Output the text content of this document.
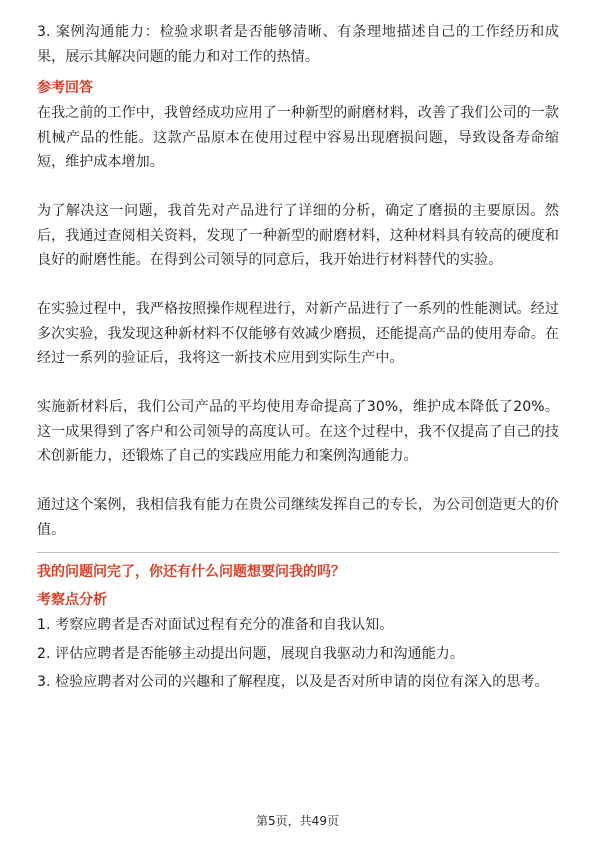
3. 案例沟通能力：检验求职者是否能够清晰、有条理地描述自己的工作经历和成果，展示其解决问题的能力和对工作的热情。

参考回答

在我之前的工作中，我曾经成功应用了一种新型的耐磨材料，改善了我们公司的一款机械产品的性能。这款产品原本在使用过程中容易出现磨损问题，导致设备寿命缩短，维护成本增加。

为了解决这一问题，我首先对产品进行了详细的分析，确定了磨损的主要原因。然后，我通过查阅相关资料，发现了一种新型的耐磨材料，这种材料具有较高的硬度和良好的耐磨性能。在得到公司领导的同意后，我开始进行材料替代的实验。

在实验过程中，我严格按照操作规程进行，对新产品进行了一系列的性能测试。经过多次实验，我发现这种新材料不仅能够有效减少磨损，还能提高产品的使用寿命。在经过一系列的验证后，我将这一新技术应用到实际生产中。

实施新材料后，我们公司产品的平均使用寿命提高了30%，维护成本降低了20%。这一成果得到了客户和公司领导的高度认可。在这个过程中，我不仅提高了自己的技术创新能力，还锻炼了自己的实践应用能力和案例沟通能力。

通过这个案例，我相信我有能力在贵公司继续发挥自己的专长，为公司创造更大的价值。

我的问题问完了，你还有什么问题想要问我的吗？

考察点分析

1. 考察应聘者是否对面试过程有充分的准备和自我认知。

2. 评估应聘者是否能够主动提出问题，展现自我驱动力和沟通能力。

3. 检验应聘者对公司的兴趣和了解程度，以及是否对所申请的岗位有深入的思考。

第5页，共49页
